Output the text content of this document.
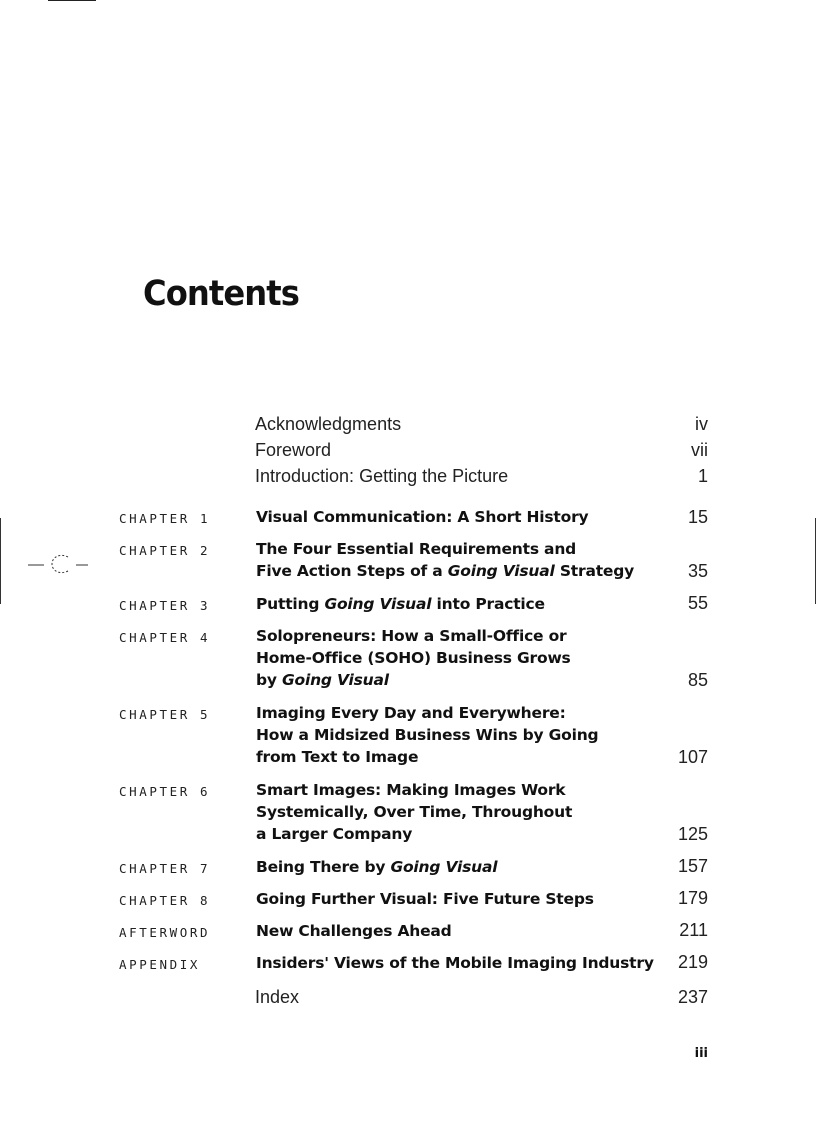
Contents
Acknowledgments	iv
Foreword	vii
Introduction: Getting the Picture	1
CHAPTER 1	Visual Communication: A Short History	15
CHAPTER 2	The Four Essential Requirements and
Five Action Steps of a Going Visual Strategy	35
CHAPTER 3	Putting Going Visual into Practice	55
CHAPTER 4	Solopreneurs: How a Small-Office or
Home-Office (SOHO) Business Grows
by Going Visual	85
CHAPTER 5	Imaging Every Day and Everywhere:
How a Midsized Business Wins by Going
from Text to Image	107
CHAPTER 6	Smart Images: Making Images Work
Systemically, Over Time, Throughout
a Larger Company	125
CHAPTER 7	Being There by Going Visual	157
CHAPTER 8	Going Further Visual: Five Future Steps	179
AFTERWORD	New Challenges Ahead	211
APPENDIX	Insiders' Views of the Mobile Imaging Industry 219
Index	237
iii
